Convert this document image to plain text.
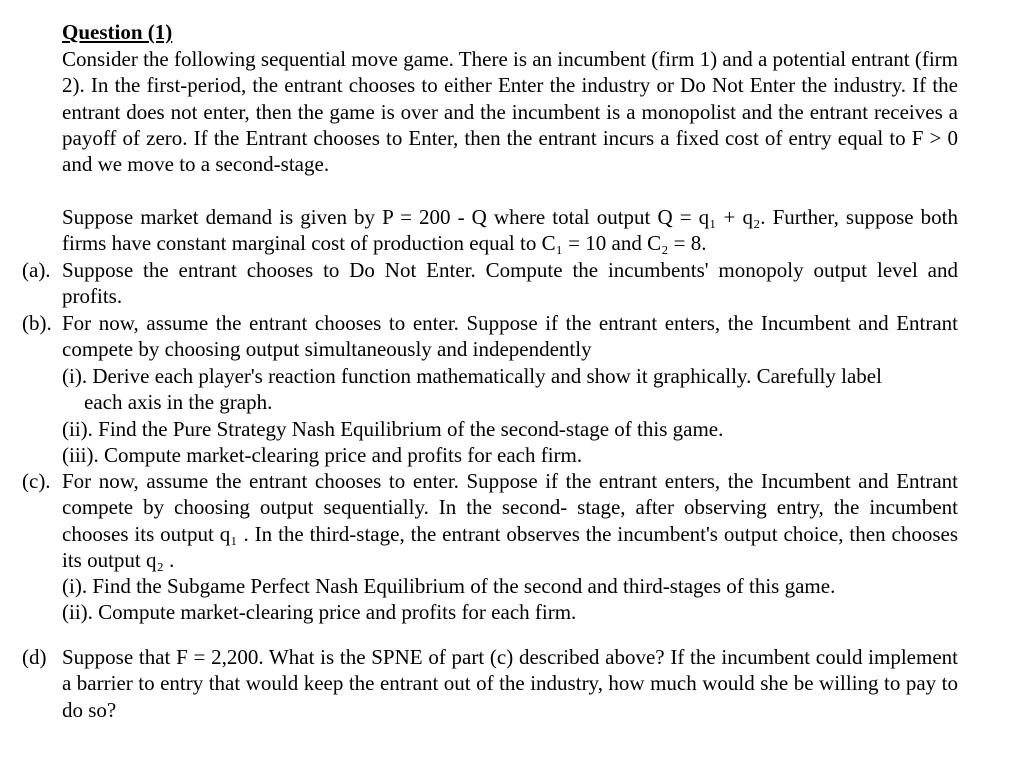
Question (1)
Consider the following sequential move game. There is an incumbent (firm 1) and a potential entrant (firm 2). In the first-period, the entrant chooses to either Enter the industry or Do Not Enter the industry. If the entrant does not enter, then the game is over and the incumbent is a monopolist and the entrant receives a payoff of zero. If the Entrant chooses to Enter, then the entrant incurs a fixed cost of entry equal to F > 0 and we move to a second-stage.
Suppose market demand is given by P = 200 - Q where total output Q = q₁ + q₂. Further, suppose both firms have constant marginal cost of production equal to C₁ = 10 and C₂ = 8.
(a). Suppose the entrant chooses to Do Not Enter. Compute the incumbents' monopoly output level and profits.
(b). For now, assume the entrant chooses to enter. Suppose if the entrant enters, the Incumbent and Entrant compete by choosing output simultaneously and independently
(i). Derive each player's reaction function mathematically and show it graphically. Carefully label
each axis in the graph.
(ii). Find the Pure Strategy Nash Equilibrium of the second-stage of this game.
(iii). Compute market-clearing price and profits for each firm.
(c). For now, assume the entrant chooses to enter. Suppose if the entrant enters, the Incumbent and Entrant compete by choosing output sequentially. In the second- stage, after observing entry, the incumbent chooses its output q₁ . In the third-stage, the entrant observes the incumbent's output choice, then chooses its output q₂ .
(i). Find the Subgame Perfect Nash Equilibrium of the second and third-stages of this game.
(ii). Compute market-clearing price and profits for each firm.
(d) Suppose that F = 2,200. What is the SPNE of part (c) described above? If the incumbent could implement a barrier to entry that would keep the entrant out of the industry, how much would she be willing to pay to do so?
